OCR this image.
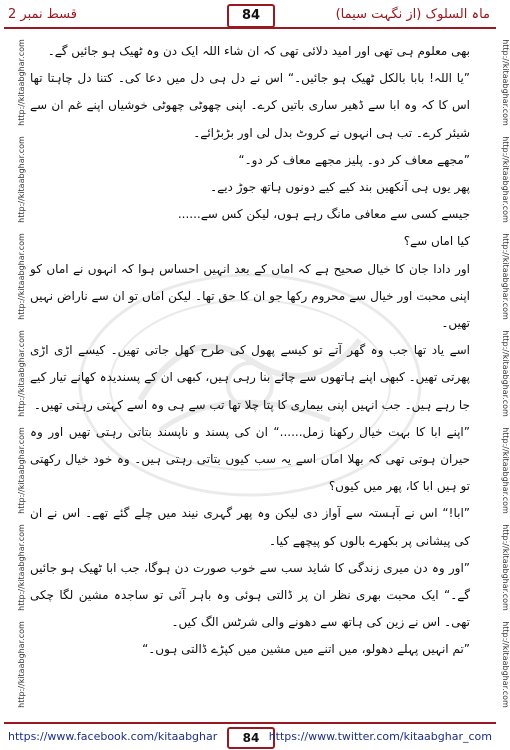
قسط نمبر 2	84	ماہ السلوک (از نگہت سیما)
http://kitaabghar.com
http://kitaabghar.com
http://kitaabghar.com
http://kitaabghar.com
http://kitaabghar.com
http://kitaabghar.com
http://kitaabghar.com
http://kitaabghar.com
http://kitaabghar.com
http://kitaabghar.com
http://kitaabghar.com
http://kitaabghar.com
http://kitaabghar.com
http://kitaabghar.com

بھی معلوم ہی تھی اور امید دلائی تھی کہ ان شاء اللہ ایک دن وہ ٹھیک ہو جائیں گے۔

”یا اللہ! بابا بالکل ٹھیک ہو جائیں۔“ اس نے دل ہی دل میں دعا کی۔ کتنا دل چاہتا تھا اس کا کہ وہ ابا سے ڈھیر ساری باتیں کرے۔ اپنی چھوٹی چھوٹی خوشیاں اپنے غم ان سے شیئر کرے۔ تب ہی انہوں نے کروٹ بدل لی اور بڑبڑائے۔

”مجھے معاف کر دو۔ پلیز مجھے معاف کر دو۔“

پھر یوں ہی آنکھیں بند کیے کیے دونوں ہاتھ جوڑ دیے۔

جیسے کسی سے معافی مانگ رہے ہوں، لیکن کس سے......

کیا اماں سے؟

اور دادا جان کا خیال صحیح ہے کہ اماں کے بعد انہیں احساس ہوا کہ انہوں نے اماں کو اپنی محبت اور خیال سے محروم رکھا جو ان کا حق تھا۔ لیکن اماں تو ان سے ناراض نہیں تھیں۔

اسے یاد تھا جب وہ گھر آتے تو کیسے پھول کی طرح کھل جاتی تھیں۔ کیسے اڑی اڑی پھرتی تھیں۔ کبھی اپنے ہاتھوں سے چائے بنا رہی ہیں، کبھی ان کے پسندیدہ کھانے تیار کیے جا رہے ہیں۔ جب انہیں اپنی بیماری کا پتا چلا تھا تب سے ہی وہ اسے کہتی رہتی تھیں۔

”اپنے ابا کا بہت خیال رکھنا زمل......“ ان کی پسند و ناپسند بتاتی رہتی تھیں اور وہ حیران ہوتی تھی کہ بھلا اماں اسے یہ سب کیوں بتاتی رہتی ہیں۔ وہ خود خیال رکھتی تو ہیں ابا کا، پھر میں کیوں؟

”ابا!“ اس نے آہستہ سے آواز دی لیکن وہ پھر گہری نیند میں چلے گئے تھے۔ اس نے ان کی پیشانی پر بکھرے بالوں کو پیچھے کیا۔

”اور وہ دن میری زندگی کا شاید سب سے خوب صورت دن ہوگا، جب ابا ٹھیک ہو جائیں گے۔“ ایک محبت بھری نظر ان پر ڈالتی ہوئی وہ باہر آئی تو ساجدہ مشین لگا چکی تھی۔ اس نے زین کی ہاتھ سے دھونے والی شرٹس الگ کیں۔

”تم انہیں پہلے دھولو، میں اتنے میں مشین میں کپڑے ڈالتی ہوں۔“

https://www.facebook.com/kitaabghar	84 https://www.twitter.com/kitaabghar_com
